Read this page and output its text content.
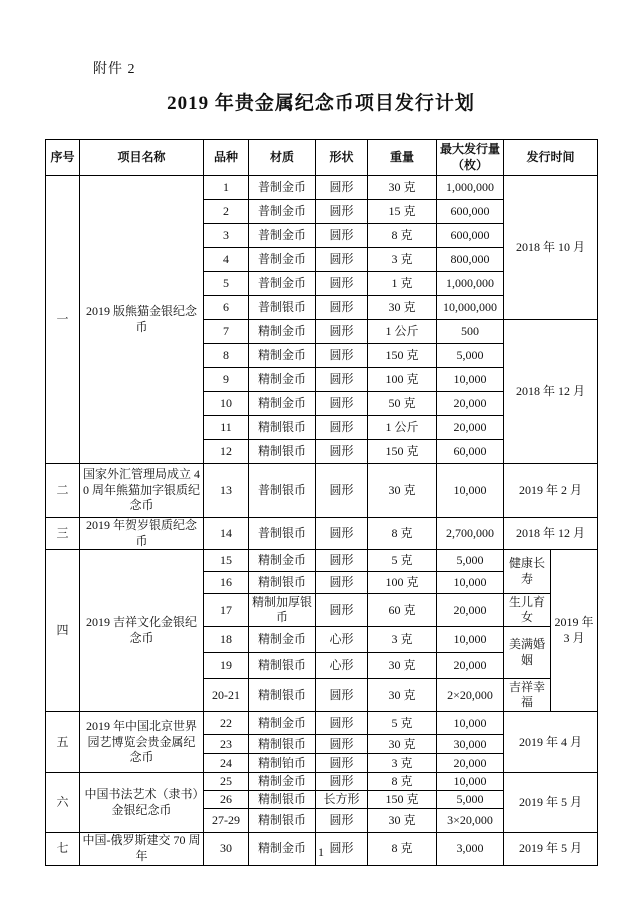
附件 2
2019 年贵金属纪念币项目发行计划
序号	项目名称	品种	材质	形状	重量	最大发行量（枚）	发行时间	
一	2019 版熊猫金银纪念币	1	普制金币	圆形	30 克	1,000,000	2018 年 10 月	
		2	普制金币	圆形	15 克	600,000		
		3	普制金币	圆形	8 克	600,000		
		4	普制金币	圆形	3 克	800,000		
		5	普制金币	圆形	1 克	1,000,000		
		6	普制银币	圆形	30 克	10,000,000		
		7	精制金币	圆形	1 公斤	500	2018 年 12 月	
		8	精制金币	圆形	150 克	5,000		
		9	精制金币	圆形	100 克	10,000		
		10	精制金币	圆形	50 克	20,000		
		11	精制银币	圆形	1 公斤	20,000		
		12	精制银币	圆形	150 克	60,000		
二	国家外汇管理局成立 40 周年熊猫加字银质纪念币	13	普制银币	圆形	30 克	10,000	2019 年 2 月	
三	2019 年贺岁银质纪念币	14	普制银币	圆形	8 克	2,700,000	2018 年 12 月	
四	2019 吉祥文化金银纪念币	15	精制金币	圆形	5 克	5,000	健康长寿	2019 年 3 月
		16	精制银币	圆形	100 克	10,000		
		17	精制加厚银币	圆形	60 克	20,000	生儿育女	
		18	精制金币	心形	3 克	10,000	美满婚姻	
		19	精制银币	心形	30 克	20,000		
		20-21	精制银币	圆形	30 克	2×20,000	吉祥幸福	
五	2019 年中国北京世界园艺博览会贵金属纪念币	22	精制金币	圆形	5 克	10,000	2019 年 4 月	
		23	精制银币	圆形	30 克	30,000		
		24	精制铂币	圆形	3 克	20,000		
六	中国书法艺术（隶书）金银纪念币	25	精制金币	圆形	8 克	10,000	2019 年 5 月	
		26	精制银币	长方形	150 克	5,000		
		27-29	精制银币	圆形	30 克	3×20,000		
七	中国-俄罗斯建交 70 周年	30	精制金币	圆形	8 克	3,000	2019 年 5 月	
1
